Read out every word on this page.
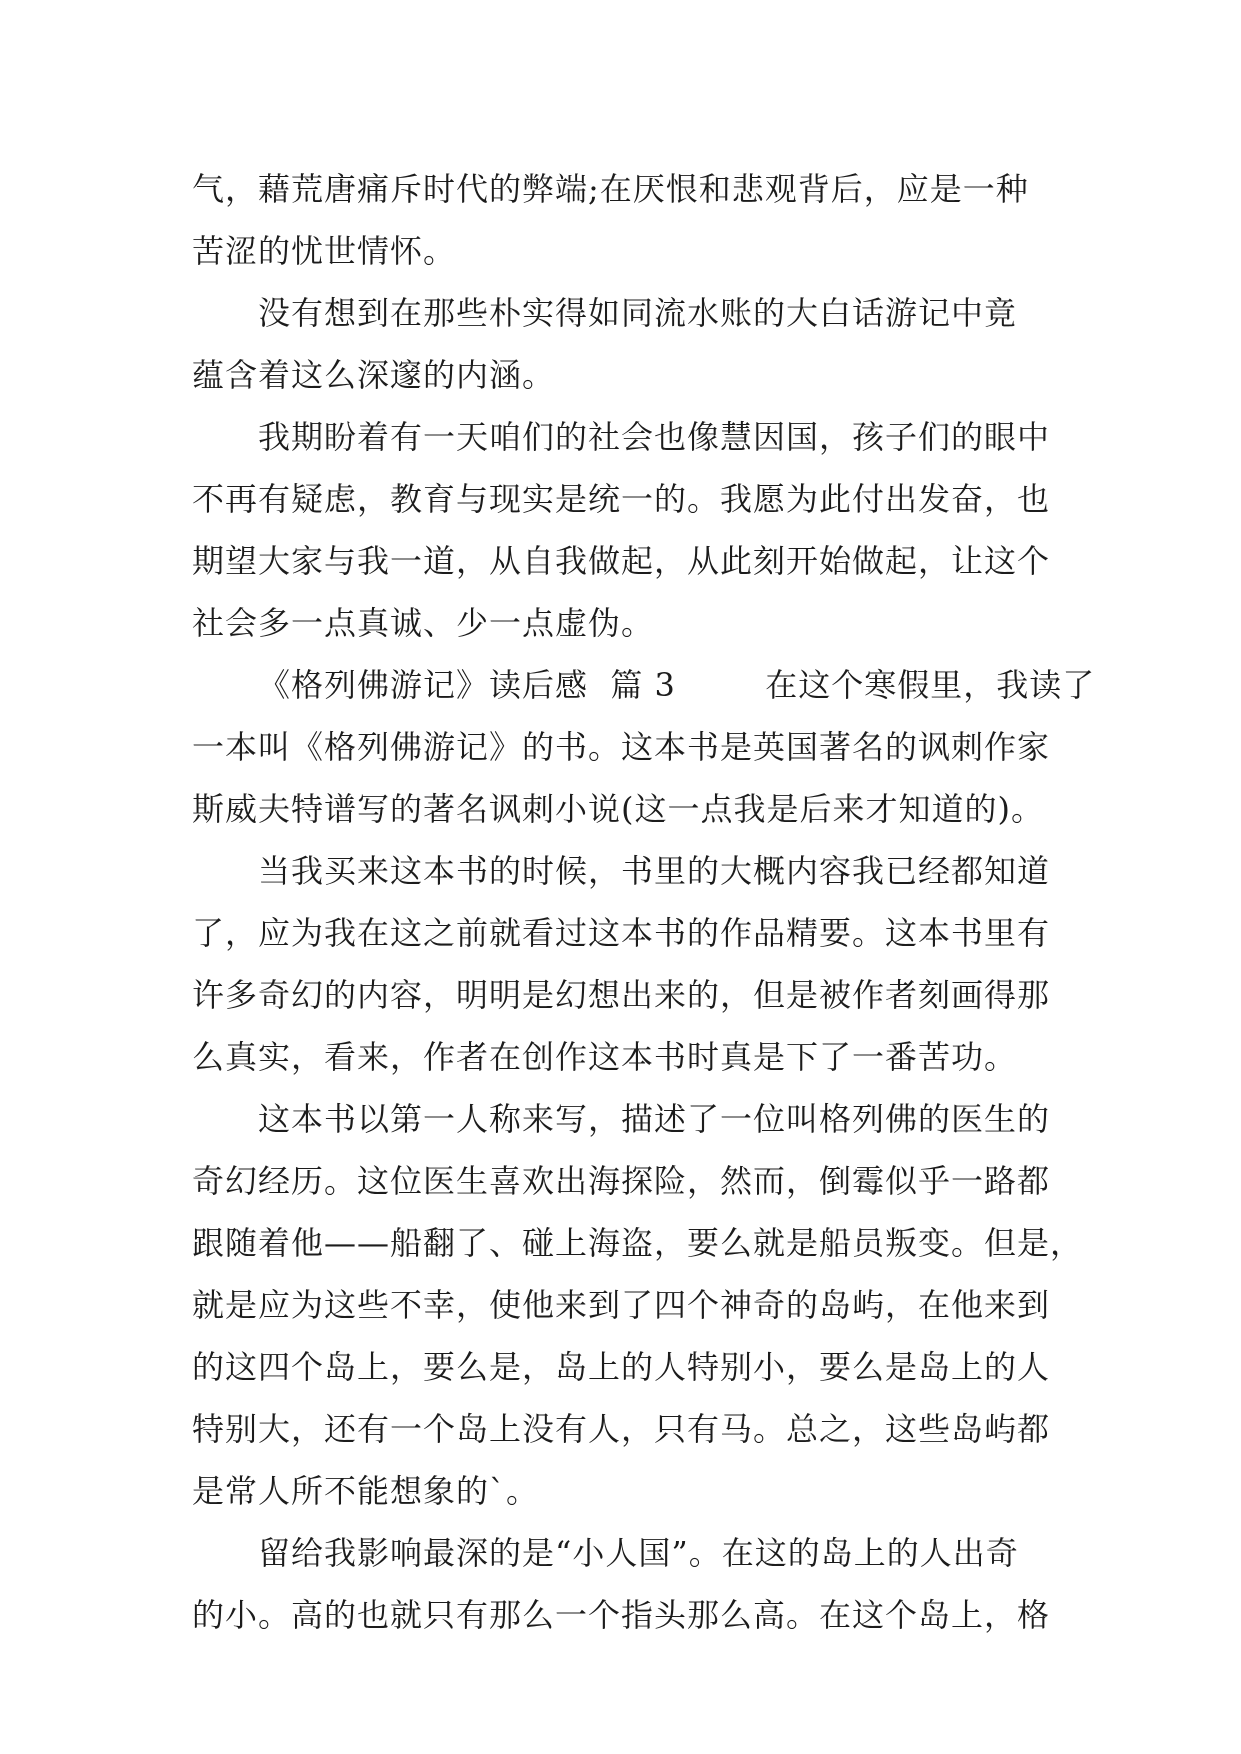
气，藉荒唐痛斥时代的弊端;在厌恨和悲观背后，应是一种
苦涩的忧世情怀。
没有想到在那些朴实得如同流水账的大白话游记中竟
蕴含着这么深邃的内涵。
我期盼着有一天咱们的社会也像慧因国，孩子们的眼中
不再有疑虑，教育与现实是统一的。我愿为此付出发奋，也
期望大家与我一道，从自我做起，从此刻开始做起，让这个
社会多一点真诚、少一点虚伪。
《格列佛游记》读后感  篇 3        在这个寒假里，我读了
一本叫《格列佛游记》的书。这本书是英国著名的讽刺作家
斯威夫特谱写的著名讽刺小说(这一点我是后来才知道的)。
当我买来这本书的时候，书里的大概内容我已经都知道
了，应为我在这之前就看过这本书的作品精要。这本书里有
许多奇幻的内容，明明是幻想出来的，但是被作者刻画得那
么真实，看来，作者在创作这本书时真是下了一番苦功。
这本书以第一人称来写，描述了一位叫格列佛的医生的
奇幻经历。这位医生喜欢出海探险，然而，倒霉似乎一路都
跟随着他——船翻了、碰上海盗，要么就是船员叛变。但是，
就是应为这些不幸，使他来到了四个神奇的岛屿，在他来到
的这四个岛上，要么是，岛上的人特别小，要么是岛上的人
特别大，还有一个岛上没有人，只有马。总之，这些岛屿都
是常人所不能想象的`。
留给我影响最深的是“小人国”。在这的岛上的人出奇
的小。高的也就只有那么一个指头那么高。在这个岛上，格
